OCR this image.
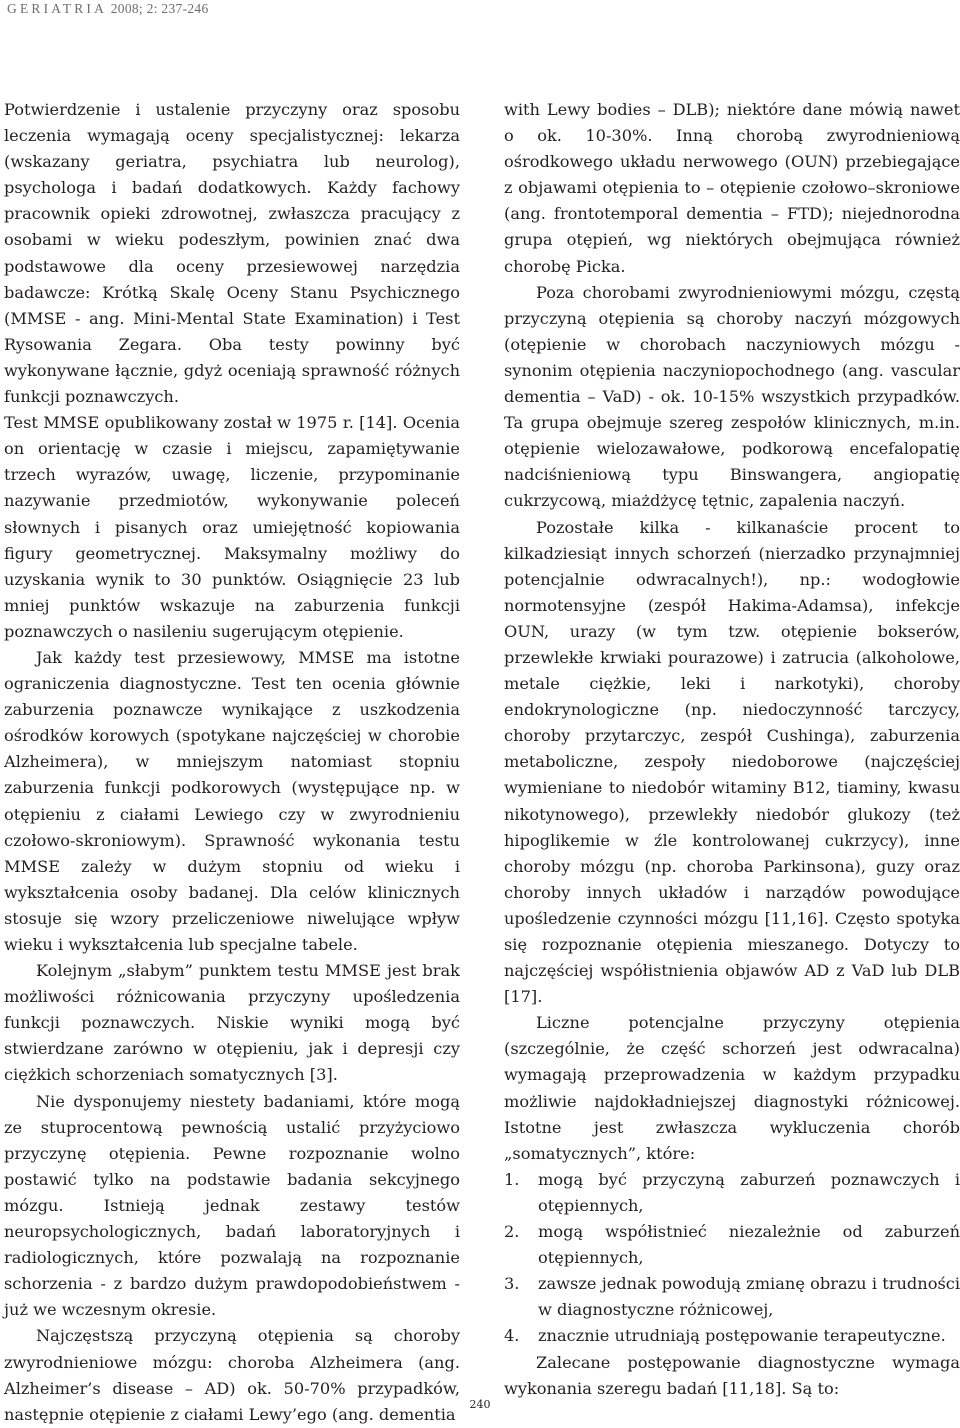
GERIATRIA 2008; 2: 237-246

Potwierdzenie i ustalenie przyczyny oraz sposobu leczenia wymagają oceny specjalistycznej: lekarza (wskazany geriatra, psychiatra lub neurolog), psychologa i badań dodatkowych. Każdy fachowy pracownik opieki zdrowotnej, zwłaszcza pracujący z osobami w wieku podeszłym, powinien znać dwa podstawowe dla oceny przesiewowej narzędzia badawcze: Krótką Skalę Oceny Stanu Psychicznego (MMSE - ang. Mini-Mental State Examination) i Test Rysowania Zegara. Oba testy powinny być wykonywane łącznie, gdyż oceniają sprawność różnych funkcji poznawczych.

Test MMSE opublikowany został w 1975 r. [14]. Ocenia on orientację w czasie i miejscu, zapamiętywanie trzech wyrazów, uwagę, liczenie, przypominanie nazywanie przedmiotów, wykonywanie poleceń słownych i pisanych oraz umiejętność kopiowania figury geometrycznej. Maksymalny możliwy do uzyskania wynik to 30 punktów. Osiągnięcie 23 lub mniej punktów wskazuje na zaburzenia funkcji poznawczych o nasileniu sugerującym otępienie.

Jak każdy test przesiewowy, MMSE ma istotne ograniczenia diagnostyczne. Test ten ocenia głównie zaburzenia poznawcze wynikające z uszkodzenia ośrodków korowych (spotykane najczęściej w chorobie Alzheimera), w mniejszym natomiast stopniu zaburzenia funkcji podkorowych (występujące np. w otępieniu z ciałami Lewiego czy w zwyrodnieniu czołowo-skroniowym). Sprawność wykonania testu MMSE zależy w dużym stopniu od wieku i wykształcenia osoby badanej. Dla celów klinicznych stosuje się wzory przeliczeniowe niwelujące wpływ wieku i wykształcenia lub specjalne tabele.

Kolejnym „słabym” punktem testu MMSE jest brak możliwości różnicowania przyczyny upośledzenia funkcji poznawczych. Niskie wyniki mogą być stwierdzane zarówno w otępieniu, jak i depresji czy ciężkich schorzeniach somatycznych [3].

Nie dysponujemy niestety badaniami, które mogą ze stuprocentową pewnością ustalić przyżyciowo przyczynę otępienia. Pewne rozpoznanie wolno postawić tylko na podstawie badania sekcyjnego mózgu. Istnieją jednak zestawy testów neuropsychologicznych, badań laboratoryjnych i radiologicznych, które pozwalają na rozpoznanie schorzenia - z bardzo dużym prawdopodobieństwem - już we wczesnym okresie.

Najczęstszą przyczyną otępienia są choroby zwyrodnieniowe mózgu: choroba Alzheimera (ang. Alzheimer’s disease – AD) ok. 50-70% przypadków, następnie otępienie z ciałami Lewy’ego (ang. dementia

with Lewy bodies – DLB); niektóre dane mówią nawet o ok. 10-30%. Inną chorobą zwyrodnieniową ośrodkowego układu nerwowego (OUN) przebiegające z objawami otępienia to – otępienie czołowo–skroniowe (ang. frontotemporal dementia – FTD); niejednorodna grupa otępień, wg niektórych obejmująca również chorobę Picka.

Poza chorobami zwyrodnieniowymi mózgu, częstą przyczyną otępienia są choroby naczyń mózgowych (otępienie w chorobach naczyniowych mózgu - synonim otępienia naczyniopochodnego (ang. vascular dementia – VaD) - ok. 10-15% wszystkich przypadków. Ta grupa obejmuje szereg zespołów klinicznych, m.in. otępienie wielozawałowe, podkorową encefalopatię nadciśnieniową typu Binswangera, angiopatię cukrzycową, miażdżycę tętnic, zapalenia naczyń.

Pozostałe kilka - kilkanaście procent to kilkadziesiąt innych schorzeń (nierzadko przynajmniej potencjalnie odwracalnych!), np.: wodogłowie normotensyjne (zespół Hakima-Adamsa), infekcje OUN, urazy (w tym tzw. otępienie bokserów, przewlekłe krwiaki pourazowe) i zatrucia (alkoholowe, metale ciężkie, leki i narkotyki), choroby endokrynologiczne (np. niedoczynność tarczycy, choroby przytarczyc, zespół Cushinga), zaburzenia metaboliczne, zespoły niedoborowe (najczęściej wymieniane to niedobór witaminy B12, tiaminy, kwasu nikotynowego), przewlekły niedobór glukozy (też hipoglikemie w źle kontrolowanej cukrzycy), inne choroby mózgu (np. choroba Parkinsona), guzy oraz choroby innych układów i narządów powodujące upośledzenie czynności mózgu [11,16]. Często spotyka się rozpoznanie otępienia mieszanego. Dotyczy to najczęściej współistnienia objawów AD z VaD lub DLB [17].

Liczne potencjalne przyczyny otępienia (szczególnie, że część schorzeń jest odwracalna) wymagają przeprowadzenia w każdym przypadku możliwie najdokładniejszej diagnostyki różnicowej. Istotne jest zwłaszcza wykluczenia chorób „somatycznych”, które:

1.	mogą być przyczyną zaburzeń poznawczych i otępiennych,
2.	mogą współistnieć niezależnie od zaburzeń otępiennych,
3.	zawsze jednak powodują zmianę obrazu i trudności w diagnostyczne różnicowej,
4.	znacznie utrudniają postępowanie terapeutyczne.

Zalecane postępowanie diagnostyczne wymaga wykonania szeregu badań [11,18]. Są to:

240
